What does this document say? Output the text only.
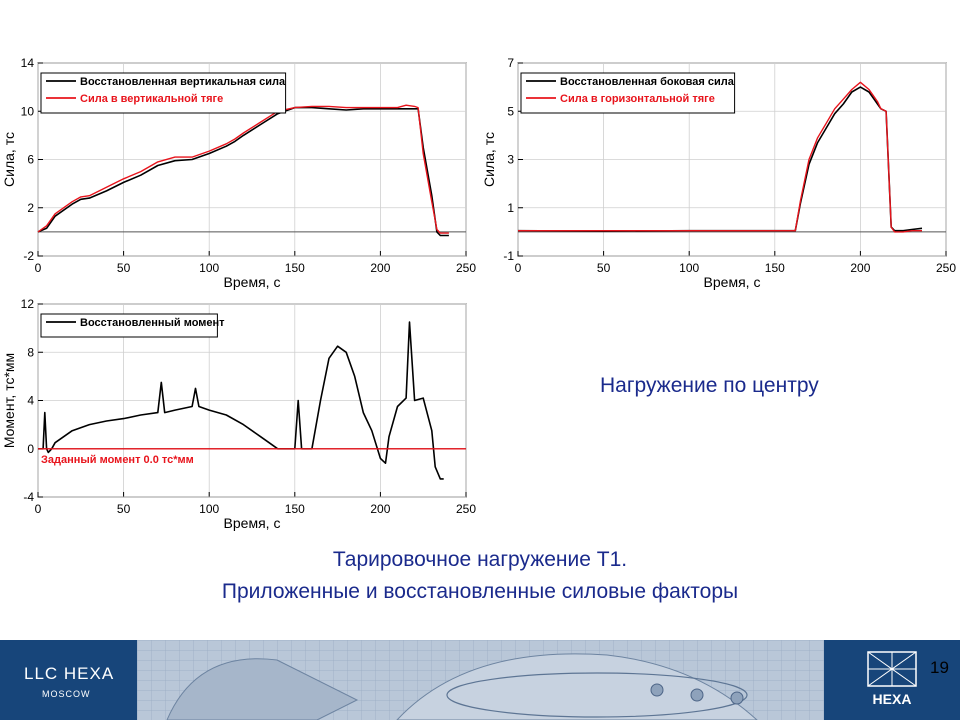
0	50	100	150	200	250
-2
2
6
10
14
Время, с
Сила, тс
Восстановленная вертикальная сила
Сила в вертикальной тяге
0	50	100	150	200	250
-1
1
3
5
7
Время, с
Сила, тс
Восстановленная боковая сила
Сила в горизонтальной тяге
0	50	100	150	200	250
-4
0
4
8
12
Время, с
Момент, тс*мм
Восстановленный момент
Заданный момент 0.0 тс*мм
Нагружение по центру
Тарировочное нагружение Т1.
Приложенные и восстановленные силовые факторы
LLC HEXA
MOSCOW	HEXA
19
